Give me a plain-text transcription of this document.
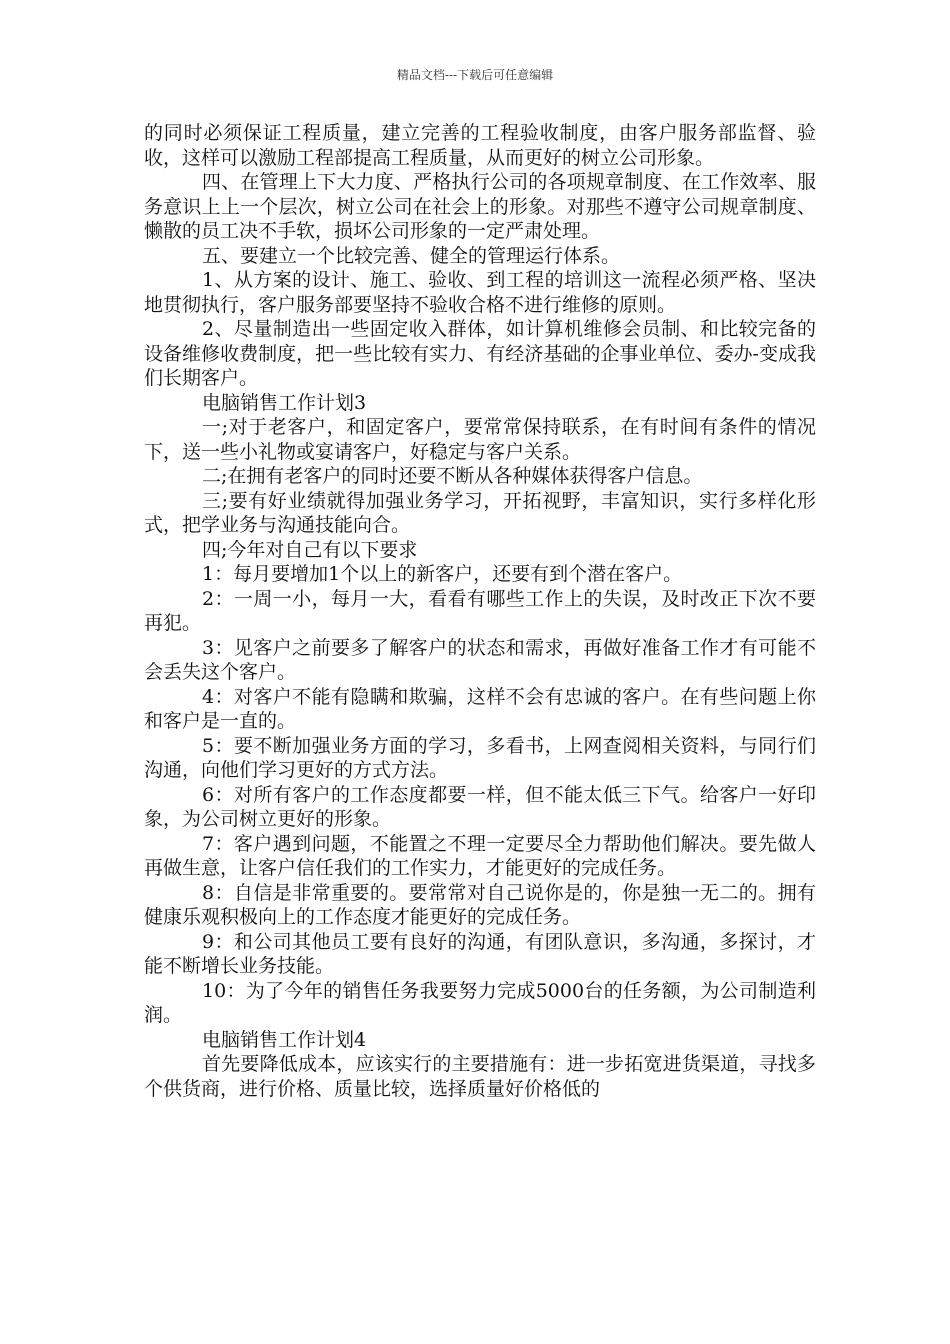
精品文档---下载后可任意编辑

的同时必须保证工程质量，建立完善的工程验收制度，由客户服务部监督、验收，这样可以激励工程部提高工程质量，从而更好的树立公司形象。

四、在管理上下大力度、严格执行公司的各项规章制度、在工作效率、服务意识上上一个层次，树立公司在社会上的形象。对那些不遵守公司规章制度、懒散的员工决不手软，损坏公司形象的一定严肃处理。

五、要建立一个比较完善、健全的管理运行体系。

1、从方案的设计、施工、验收、到工程的培训这一流程必须严格、坚决地贯彻执行，客户服务部要坚持不验收合格不进行维修的原则。

2、尽量制造出一些固定收入群体，如计算机维修会员制、和比较完备的设备维修收费制度，把一些比较有实力、有经济基础的企事业单位、委办-变成我们长期客户。

电脑销售工作计划3

一;对于老客户，和固定客户，要常常保持联系，在有时间有条件的情况下，送一些小礼物或宴请客户，好稳定与客户关系。

二;在拥有老客户的同时还要不断从各种媒体获得客户信息。

三;要有好业绩就得加强业务学习，开拓视野，丰富知识，实行多样化形式，把学业务与沟通技能向合。

四;今年对自己有以下要求

1：每月要增加1个以上的新客户，还要有到个潜在客户。

2：一周一小，每月一大，看看有哪些工作上的失误，及时改正下次不要再犯。

3：见客户之前要多了解客户的状态和需求，再做好准备工作才有可能不会丢失这个客户。

4：对客户不能有隐瞒和欺骗，这样不会有忠诚的客户。在有些问题上你和客户是一直的。

5：要不断加强业务方面的学习，多看书，上网查阅相关资料，与同行们沟通，向他们学习更好的方式方法。

6：对所有客户的工作态度都要一样，但不能太低三下气。给客户一好印象，为公司树立更好的形象。

7：客户遇到问题，不能置之不理一定要尽全力帮助他们解决。要先做人再做生意，让客户信任我们的工作实力，才能更好的完成任务。

8：自信是非常重要的。要常常对自己说你是的，你是独一无二的。拥有健康乐观积极向上的工作态度才能更好的完成任务。

9：和公司其他员工要有良好的沟通，有团队意识，多沟通，多探讨，才能不断增长业务技能。

10：为了今年的销售任务我要努力完成5000台的任务额，为公司制造利润。

电脑销售工作计划4

首先要降低成本，应该实行的主要措施有：进一步拓宽进货渠道，寻找多个供货商，进行价格、质量比较，选择质量好价格低的
